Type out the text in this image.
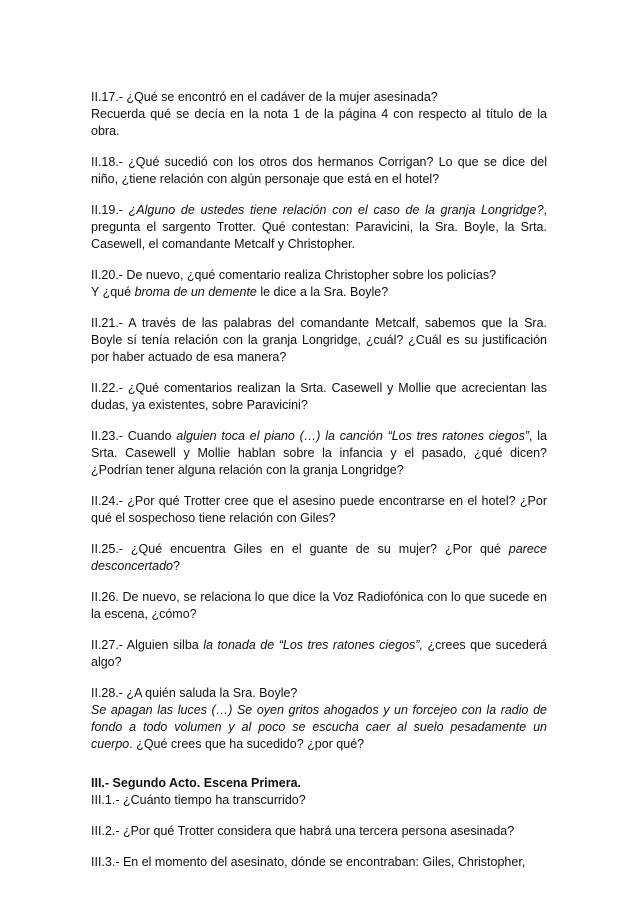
II.17.- ¿Qué se encontró en el cadáver de la mujer asesinada?
Recuerda qué se decía en la nota 1 de la página 4 con respecto al título de la obra.

II.18.- ¿Qué sucedió con los otros dos hermanos Corrigan? Lo que se dice del niño, ¿tiene relación con algún personaje que está en el hotel?

II.19.- ¿Alguno de ustedes tiene relación con el caso de la granja Longridge?, pregunta el sargento Trotter. Qué contestan: Paravicini, la Sra. Boyle, la Srta. Casewell, el comandante Metcalf y Christopher.

II.20.- De nuevo, ¿qué comentario realiza Christopher sobre los policías?
Y ¿qué broma de un demente le dice a la Sra. Boyle?

II.21.- A través de las palabras del comandante Metcalf, sabemos que la Sra. Boyle sí tenía relación con la granja Longridge, ¿cuál? ¿Cuál es su justificación por haber actuado de esa manera?

II.22.- ¿Qué comentarios realizan la Srta. Casewell y Mollie que acrecientan las dudas, ya existentes, sobre Paravicini?

II.23.- Cuando alguien toca el piano (…) la canción “Los tres ratones ciegos”, la Srta. Casewell y Mollie hablan sobre la infancia y el pasado, ¿qué dicen? ¿Podrían tener alguna relación con la granja Longridge?

II.24.- ¿Por qué Trotter cree que el asesino puede encontrarse en el hotel? ¿Por qué el sospechoso tiene relación con Giles?

II.25.- ¿Qué encuentra Giles en el guante de su mujer? ¿Por qué parece desconcertado?

II.26. De nuevo, se relaciona lo que dice la Voz Radiofónica con lo que sucede en la escena, ¿cómo?

II.27.- Alguien silba la tonada de “Los tres ratones ciegos”, ¿crees que sucederá algo?

II.28.- ¿A quién saluda la Sra. Boyle?
Se apagan las luces (…) Se oyen gritos ahogados y un forcejeo con la radio de fondo a todo volumen y al poco se escucha caer al suelo pesadamente un cuerpo. ¿Qué crees que ha sucedido? ¿por qué?

III.- Segundo Acto. Escena Primera.

III.1.- ¿Cuánto tiempo ha transcurrido?

III.2.- ¿Por qué Trotter considera que habrá una tercera persona asesinada?

III.3.- En el momento del asesinato, dónde se encontraban: Giles, Christopher,
